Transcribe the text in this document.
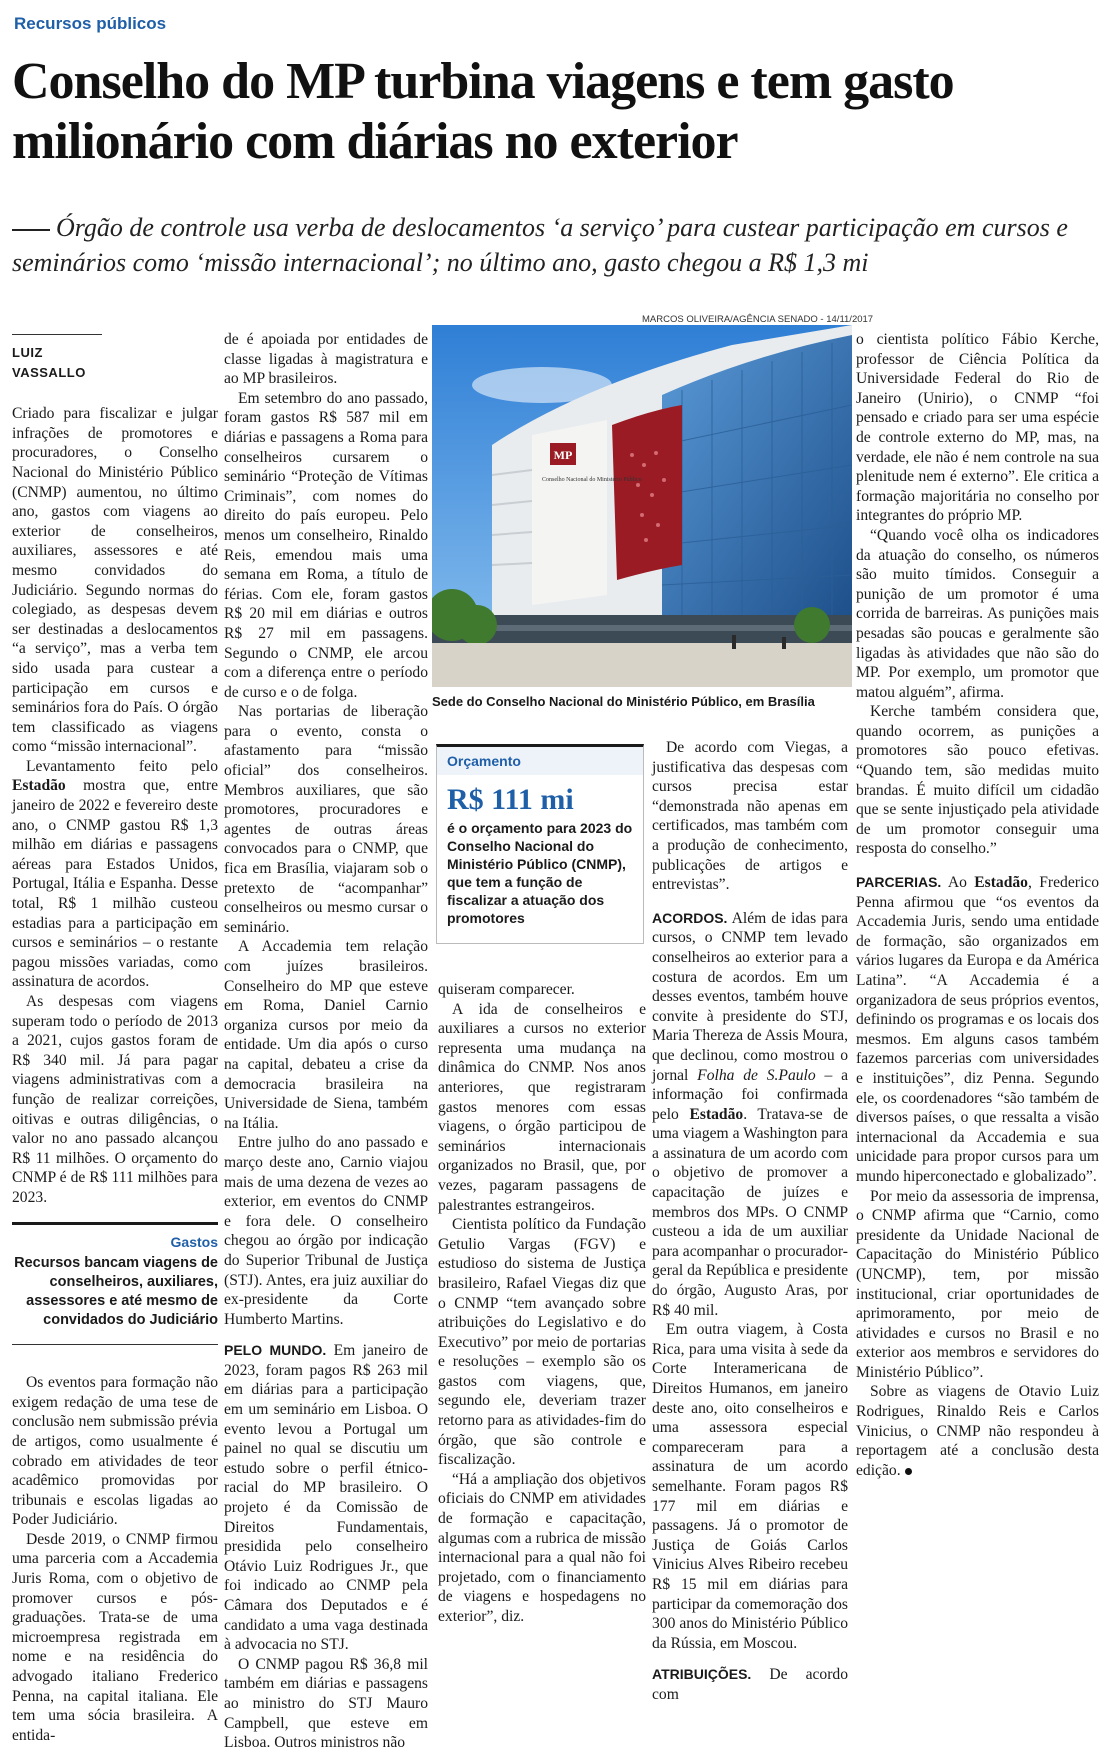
Recursos públicos
Conselho do MP turbina viagens e tem gasto milionário com diárias no exterior
Órgão de controle usa verba de deslocamentos ‘a serviço’ para custear participação em cursos e seminários como ‘missão internacional’; no último ano, gasto chegou a R$ 1,3 mi
LUIZ VASSALLO

Criado para fiscalizar e julgar infrações de promotores e procuradores, o Conselho Nacional do Ministério Público (CNMP) aumentou, no último ano, gastos com viagens ao exterior de conselheiros, auxiliares, assessores e até mesmo convidados do Judiciário. Segundo normas do colegiado, as despesas devem ser destinadas a deslocamentos “a serviço”, mas a verba tem sido usada para custear a participação em cursos e seminários fora do País. O órgão tem classificado as viagens como “missão internacional”.

Levantamento feito pelo Estadão mostra que, entre janeiro de 2022 e fevereiro deste ano, o CNMP gastou R$ 1,3 milhão em diárias e passagens aéreas para Estados Unidos, Portugal, Itália e Espanha. Desse total, R$ 1 milhão custeou estadias para a participação em cursos e seminários – o restante pagou missões variadas, como assinatura de acordos.

As despesas com viagens superam todo o período de 2013 a 2021, cujos gastos foram de R$ 340 mil. Já para pagar viagens administrativas com a função de realizar correições, oitivas e outras diligências, o valor no ano passado alcançou R$ 11 milhões. O orçamento do CNMP é de R$ 111 milhões para 2023.

Gastos
Recursos bancam viagens de conselheiros, auxiliares, assessores e até mesmo de convidados do Judiciário

Os eventos para formação não exigem redação de uma tese de conclusão nem submissão prévia de artigos, como usualmente é cobrado em atividades de teor acadêmico promovidas por tribunais e escolas ligadas ao Poder Judiciário.

Desde 2019, o CNMP firmou uma parceria com a Accademia Juris Roma, com o objetivo de promover cursos e pós-graduações. Trata-se de uma microempresa registrada em nome e na residência do advogado italiano Frederico Penna, na capital italiana. Ele tem uma sócia brasileira. A entida-

de é apoiada por entidades de classe ligadas à magistratura e ao MP brasileiros.

Em setembro do ano passado, foram gastos R$ 587 mil em diárias e passagens a Roma para conselheiros cursarem o seminário “Proteção de Vítimas Criminais”, com nomes do direito do país europeu. Pelo menos um conselheiro, Rinaldo Reis, emendou mais uma semana em Roma, a título de férias. Com ele, foram gastos R$ 20 mil em diárias e outros R$ 27 mil em passagens. Segundo o CNMP, ele arcou com a diferença entre o período de curso e o de folga.

Nas portarias de liberação para o evento, consta o afastamento para “missão oficial” dos conselheiros. Membros auxiliares, que são promotores, procuradores e agentes de outras áreas convocados para o CNMP, que fica em Brasília, viajaram sob o pretexto de “acompanhar” conselheiros ou mesmo cursar o seminário.

A Accademia tem relação com juízes brasileiros. Conselheiro do MP que esteve em Roma, Daniel Carnio organiza cursos por meio da entidade. Um dia após o curso na capital, debateu a crise da democracia brasileira na Universidade de Siena, também na Itália.

Entre julho do ano passado e março deste ano, Carnio viajou mais de uma dezena de vezes ao exterior, em eventos do CNMP e fora dele. O conselheiro chegou ao órgão por indicação do Superior Tribunal de Justiça (STJ). Antes, era juiz auxiliar do ex-presidente da Corte Humberto Martins.

PELO MUNDO. Em janeiro de 2023, foram pagos R$ 263 mil em diárias para a participação em um seminário em Lisboa. O evento levou a Portugal um painel no qual se discutiu um estudo sobre o perfil étnico-racial do MP brasileiro. O projeto é da Comissão de Direitos Fundamentais, presidida pelo conselheiro Otávio Luiz Rodrigues Jr., que foi indicado ao CNMP pela Câmara dos Deputados e é candidato a uma vaga destinada à advocacia no STJ.

O CNMP pagou R$ 36,8 mil também em diárias e passagens ao ministro do STJ Mauro Campbell, que esteve em Lisboa. Outros ministros não

MARCOS OLIVEIRA/AGÊNCIA SENADO - 14/11/2017
MP
Conselho Nacional do Ministério Público
Sede do Conselho Nacional do Ministério Público, em Brasília
Orçamento
R$ 111 mi
é o orçamento para 2023 do Conselho Nacional do Ministério Público (CNMP), que tem a função de fiscalizar a atuação dos promotores

quiseram comparecer.

A ida de conselheiros e auxiliares a cursos no exterior representa uma mudança na dinâmica do CNMP. Nos anos anteriores, que registraram gastos menores com essas viagens, o órgão participou de seminários internacionais organizados no Brasil, que, por vezes, pagaram passagens de palestrantes estrangeiros.

Cientista político da Fundação Getulio Vargas (FGV) e estudioso do sistema de Justiça brasileiro, Rafael Viegas diz que o CNMP “tem avançado sobre atribuições do Legislativo e do Executivo” por meio de portarias e resoluções – exemplo são os gastos com viagens, que, segundo ele, deveriam trazer retorno para as atividades-fim do órgão, que são controle e fiscalização.

“Há a ampliação dos objetivos oficiais do CNMP em atividades de formação e capacitação, algumas com a rubrica de missão internacional para a qual não foi projetado, com o financiamento de viagens e hospedagens no exterior”, diz.

De acordo com Viegas, a justificativa das despesas com cursos precisa estar “demonstrada não apenas em certificados, mas também com a produção de conhecimento, publicações de artigos e entrevistas”.

ACORDOS. Além de idas para cursos, o CNMP tem levado conselheiros ao exterior para a costura de acordos. Em um desses eventos, também houve convite à presidente do STJ, Maria Thereza de Assis Moura, que declinou, como mostrou o jornal Folha de S.Paulo – a informação foi confirmada pelo Estadão. Tratava-se de uma viagem a Washington para a assinatura de um acordo com o objetivo de promover a capacitação de juízes e membros dos MPs. O CNMP custeou a ida de um auxiliar para acompanhar o procurador-geral da República e presidente do órgão, Augusto Aras, por R$ 40 mil.

Em outra viagem, à Costa Rica, para uma visita à sede da Corte Interamericana de Direitos Humanos, em janeiro deste ano, oito conselheiros e uma assessora especial compareceram para a assinatura de um acordo semelhante. Foram pagos R$ 177 mil em diárias e passagens. Já o promotor de Justiça de Goiás Carlos Vinicius Alves Ribeiro recebeu R$ 15 mil em diárias para participar da comemoração dos 300 anos do Ministério Público da Rússia, em Moscou.

ATRIBUIÇÕES. De acordo com

o cientista político Fábio Kerche, professor de Ciência Política da Universidade Federal do Rio de Janeiro (Unirio), o CNMP “foi pensado e criado para ser uma espécie de controle externo do MP, mas, na verdade, ele não é nem controle na sua plenitude nem é externo”. Ele critica a formação majoritária no conselho por integrantes do próprio MP.

“Quando você olha os indicadores da atuação do conselho, os números são muito tímidos. Conseguir a punição de um promotor é uma corrida de barreiras. As punições mais pesadas são poucas e geralmente são ligadas às atividades que não são do MP. Por exemplo, um promotor que matou alguém”, afirma.

Kerche também considera que, quando ocorrem, as punições a promotores são pouco efetivas. “Quando tem, são medidas muito brandas. É muito difícil um cidadão que se sente injustiçado pela atividade de um promotor conseguir uma resposta do conselho.”

PARCERIAS. Ao Estadão, Frederico Penna afirmou que “os eventos da Accademia Juris, sendo uma entidade de formação, são organizados em vários lugares da Europa e da América Latina”. “A Accademia é a organizadora de seus próprios eventos, definindo os programas e os locais dos mesmos. Em alguns casos também fazemos parcerias com universidades e instituições”, diz Penna. Segundo ele, os coordenadores “são também de diversos países, o que ressalta a visão internacional da Accademia e sua unicidade para propor cursos para um mundo hiperconectado e globalizado”.

Por meio da assessoria de imprensa, o CNMP afirma que “Carnio, como presidente da Unidade Nacional de Capacitação do Ministério Público (UNCMP), tem, por missão institucional, criar oportunidades de aprimoramento, por meio de atividades e cursos no Brasil e no exterior aos membros e servidores do Ministério Público”.

Sobre as viagens de Otavio Luiz Rodrigues, Rinaldo Reis e Carlos Vinicius, o CNMP não respondeu à reportagem até a conclusão desta edição.
